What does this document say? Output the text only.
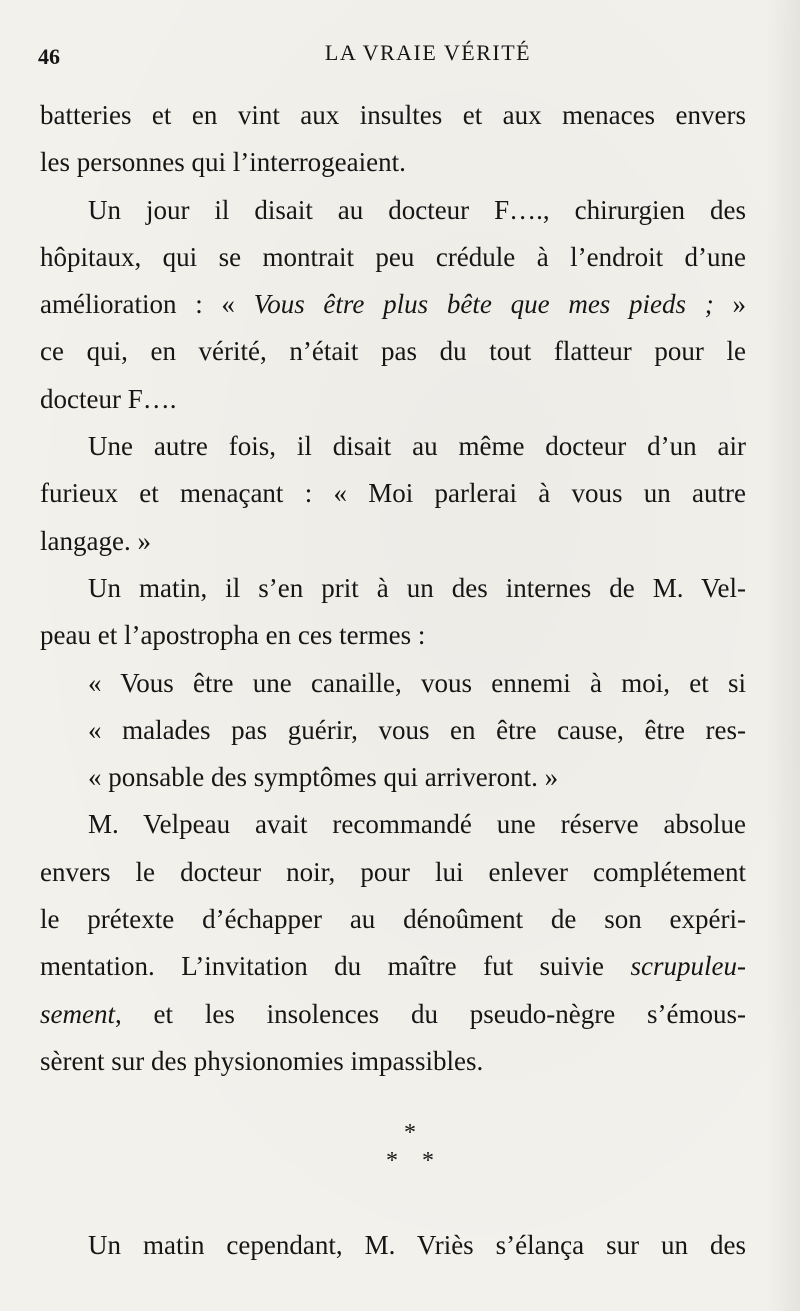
46	LA VRAIE VÉRITÉ
batteries et en vint aux insultes et aux menaces envers
les personnes qui l’interrogeaient.
Un jour il disait au docteur F…., chirurgien des
hôpitaux, qui se montrait peu crédule à l’endroit d’une
amélioration : « Vous être plus bête que mes pieds ; »
ce qui, en vérité, n’était pas du tout flatteur pour le
docteur F….
Une autre fois, il disait au même docteur d’un air
furieux et menaçant : « Moi parlerai à vous un autre
langage. »
Un matin, il s’en prit à un des internes de M. Vel-
peau et l’apostropha en ces termes :
« Vous être une canaille, vous ennemi à moi, et si
« malades pas guérir, vous en être cause, être res-
« ponsable des symptômes qui arriveront. »
M. Velpeau avait recommandé une réserve absolue
envers le docteur noir, pour lui enlever complétement
le prétexte d’échapper au dénoûment de son expéri-
mentation. L’invitation du maître fut suivie scrupuleu-
sement, et les insolences du pseudo-nègre s’émous-
sèrent sur des physionomies impassibles.
*
* *
Un matin cependant, M. Vriès s’élança sur un des
